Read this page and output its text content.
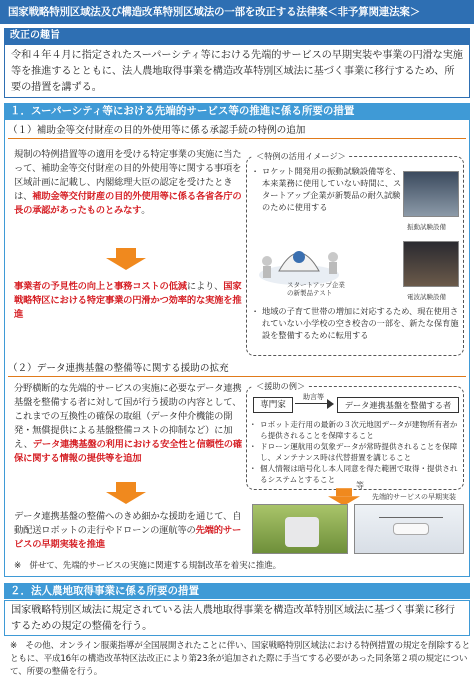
国家戦略特別区域法及び構造改革特別区域法の一部を改正する法律案＜非予算関連法案＞
改正の趣旨
令和４年４月に指定されたスーパーシティ等における先端的サービスの早期実装や事業の円滑な実施等を推進するとともに、法人農地取得事業を構造改革特別区域法に基づく事業に移行するため、所要の措置を講ずる。
１．スーパーシティ等における先端的サービス等の推進に係る所要の措置
（１）補助金等交付財産の目的外使用等に係る承認手続の特例の追加
規制の特例措置等の適用を受ける特定事業の実施に当たって、補助金等交付財産の目的外使用等に関する事項を区域計画に記載し、内閣総理大臣の認定を受けたときは、補助金等交付財産の目的外使用等に係る各省各庁の長の承認があったものとみなす。
事業者の予見性の向上と事務コストの低減により、国家戦略特区における特定事業の円滑かつ効率的な実施を推進
＜特例の活用イメージ＞
・ ロケット開発用の振動試験設備等を、本来業務に使用していない時間に、スタートアップ企業が新製品の耐久試験のために使用する
振動試験設備
スタートアップ企業の新製品テスト	電波試験設備
・ 地域の子育て世帯の増加に対応するため、現在使用されていない小学校の空き校舎の一部を、新たな保育施設を整備するために転用する
（２）データ連携基盤の整備等に関する援助の拡充
分野横断的な先端的サービスの実施に必要なデータ連携基盤を整備する者に対して国が行う援助の内容として、これまでの互換性の確保の取組（データ仲介機能の開発・無償提供による基盤整備コストの抑制など）に加え、データ連携基盤の利用における安全性と信頼性の確保に関する情報の提供等を追加
データ連携基盤の整備へのきめ細かな援助を通じて、自動配送ロボットの走行やドローンの運航等の先端的サービスの早期実装を推進
＜援助の例＞
専門家
助言等
データ連携基盤を整備する者
・ ロボット走行用の最新の３次元地図データが建物所有者から提供されることを保障すること
・ ドローン運航用の気象データが常時提供されることを保障し、メンテナンス時は代替措置を講じること
・ 個人情報は暗号化し本人同意を得た範囲で取得・提供されるシステムとすること
先端的サービスの早期実装
等
※　併せて、先端的サービスの実施に関連する規制改革を着実に推進。
２．法人農地取得事業に係る所要の措置
国家戦略特別区域法に規定されている法人農地取得事業を構造改革特別区域法に基づく事業に移行するための規定の整備を行う。
※　その他、オンライン服薬指導が全国展開されたことに伴い、国家戦略特別区域法における特例措置の規定を削除するとともに、平成16年の構造改革特区法改正により第23条が追加された際に手当てする必要があった同条第２項の規定について、所要の整備を行う。
